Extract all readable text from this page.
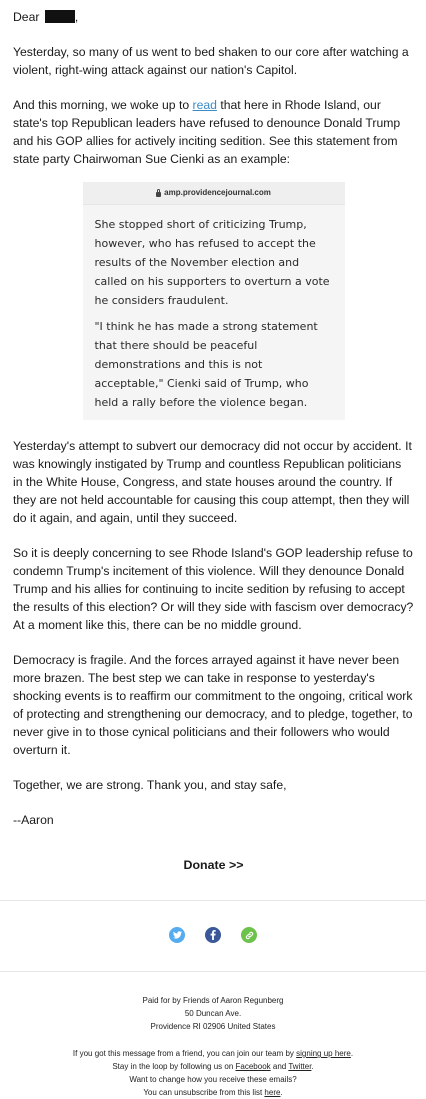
Dear	,

Yesterday, so many of us went to bed shaken to our core after watching a violent, right-wing attack against our nation's Capitol.

And this morning, we woke up to read that here in Rhode Island, our state's top Republican leaders have refused to denounce Donald Trump and his GOP allies for actively inciting sedition. See this statement from state party Chairwoman Sue Cienki as an example:

amp.providencejournal.com

She stopped short of criticizing Trump, however, who has refused to accept the results of the November election and called on his supporters to overturn a vote he considers fraudulent.

"I think he has made a strong statement that there should be peaceful demonstrations and this is not acceptable," Cienki said of Trump, who held a rally before the violence began.

Yesterday's attempt to subvert our democracy did not occur by accident. It was knowingly instigated by Trump and countless Republican politicians in the White House, Congress, and state houses around the country. If they are not held accountable for causing this coup attempt, then they will do it again, and again, until they succeed.

So it is deeply concerning to see Rhode Island's GOP leadership refuse to condemn Trump's incitement of this violence. Will they denounce Donald Trump and his allies for continuing to incite sedition by refusing to accept the results of this election? Or will they side with fascism over democracy? At a moment like this, there can be no middle ground.

Democracy is fragile. And the forces arrayed against it have never been more brazen. The best step we can take in response to yesterday's shocking events is to reaffirm our commitment to the ongoing, critical work of protecting and strengthening our democracy, and to pledge, together, to never give in to those cynical politicians and their followers who would overturn it.

Together, we are strong. Thank you, and stay safe,

--Aaron

Donate >>
Paid for by Friends of Aaron Regunberg
50 Duncan Ave.
Providence RI 02906 United States
If you got this message from a friend, you can join our team by signing up here.
Stay in the loop by following us on Facebook and Twitter.
Want to change how you receive these emails?
You can unsubscribe from this list here.
